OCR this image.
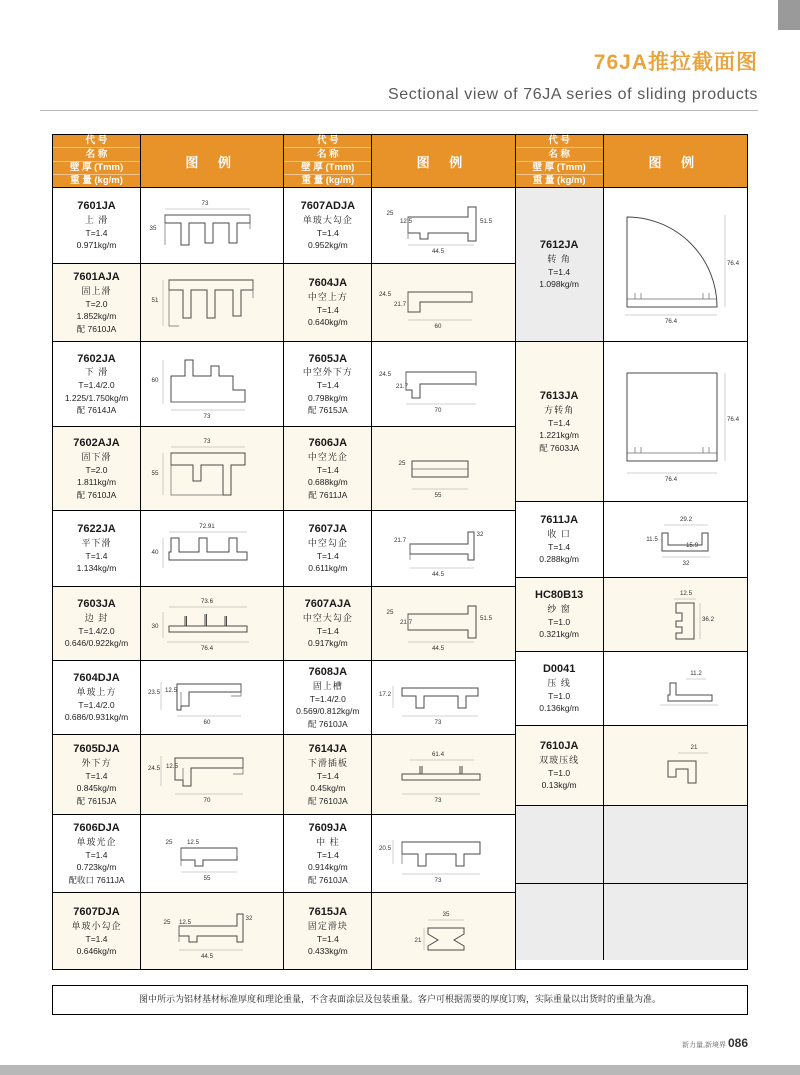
76JA推拉截面图
Sectional view of 76JA series of sliding products
代 号
名 称
壁 厚 (Tmm)
重 量 (kg/m)
图 例
7601JA
上 滑
T=1.4
0.971kg/m
73
35
7601AJA
固上滑
T=2.0
1.852kg/m
配 7610JA
51
7602JA
下 滑
T=1.4/2.0
1.225/1.750kg/m
配 7614JA
60
73
7602AJA
固下滑
T=2.0
1.811kg/m
配 7610JA
73
55
7622JA
平下滑
T=1.4
1.134kg/m
72.91
40
7603JA
边 封
T=1.4/2.0
0.646/0.922kg/m
73.6
30
76.4
7604DJA
单玻上方
T=1.4/2.0
0.686/0.931kg/m
23.5 12.5
60
7605DJA
外下方
T=1.4
0.845kg/m
配 7615JA
24.5 12.5
70
7606DJA
单玻光企
T=1.4
0.723kg/m
配收口 7611JA
25 12.5
55
7607DJA
单玻小勾企
T=1.4
0.646kg/m
25 12.5
32
44.5
代 号
名 称
壁 厚 (Tmm)
重 量 (kg/m)
图 例
7607ADJA
单玻大勾企
T=1.4
0.952kg/m
25
12.5	51.5
44.5
7604JA
中空上方
T=1.4
0.640kg/m
24.5
21.7
60
7605JA
中空外下方
T=1.4
0.798kg/m
配 7615JA
24.5
21.7
70
7606JA
中空光企
T=1.4
0.688kg/m
配 7611JA
25
55
7607JA
中空勾企
T=1.4
0.611kg/m
21.7
32
44.5
7607AJA
中空大勾企
T=1.4
0.917kg/m
25
21.7
51.5
44.5
7608JA
固上槽
T=1.4/2.0
0.569/0.812kg/m
配 7610JA
17.2
73
7614JA
下滑插板
T=1.4
0.45kg/m
配 7610JA
61.4
73
7609JA
中 柱
T=1.4
0.914kg/m
配 7610JA
20.5
73
7615JA
固定滑块
T=1.4
0.433kg/m
35
21
代 号
名 称
壁 厚 (Tmm)
重 量 (kg/m)
图 例
7612JA
转 角
T=1.4
1.098kg/m
76.4
76.4
7613JA
方转角
T=1.4
1.221kg/m
配 7603JA
76.4
76.4
7611JA
收 口
T=1.4
0.288kg/m
29.2
11.5
15.9
32
HC80B13
纱 窗
T=1.0
0.321kg/m
12.5
36.2
D0041
压 线
T=1.0
0.136kg/m
11.2
7610JA
双玻压线
T=1.0
0.13kg/m
21
图中所示为铝材基材标准厚度和理论重量，不含表面涂层及包装重量。客户可根据需要的厚度订购，实际重量以出货时的重量为准。
新力量,新境界 086
